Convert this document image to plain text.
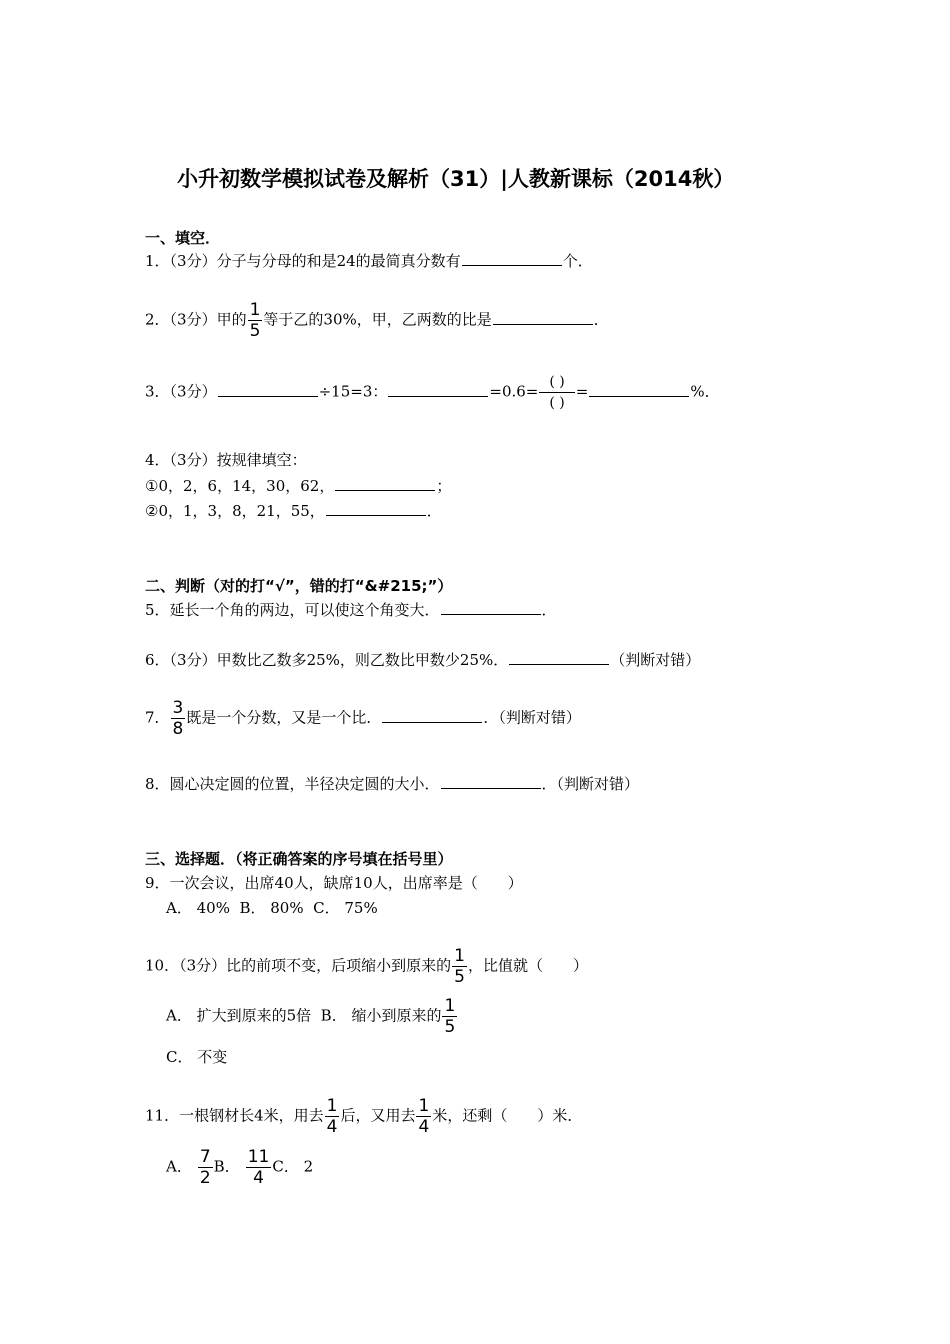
小升初数学模拟试卷及解析（31）|人教新课标（2014秋）
一、填空．
1．（3分）分子与分母的和是24的最简真分数有	个．
2．（3分）甲的 $\frac{1}{5}$ 等于乙的30%，甲，乙两数的比是	．
3．（3分）	÷15=3：	$=0.6= \frac{( )}{( )}$ =	%．
4．（3分）按规律填空：
①0，2，6，14，30，62，	；
②0，1，3，8，21，55，	．
二、判断（对的打“√”，错的打“&#215;”）
5．延长一个角的两边，可以使这个角变大．	．
6．（3分）甲数比乙数多25%，则乙数比甲数少25%．	（判断对错）
7． $\frac{3}{8}$ 既是一个分数，又是一个比．	．（判断对错）
8．圆心决定圆的位置，半径决定圆的大小．	．（判断对错）
三、选择题．（将正确答案的序号填在括号里）
9．一次会议，出席40人，缺席10人，出席率是（　　）
A． 40%  B． 80%  C． 75%
10．（3分）比的前项不变，后项缩小到原来的 $\frac{1}{5}$ ，比值就（　　）
A． 扩大到原来的5倍  B． 缩小到原来的 $\frac{1}{5}$
C． 不变
11．一根钢材长4米，用去 $\frac{1}{4}$ 后，又用去 $\frac{1}{4}$ 米，还剩（　　）米．
A． $\frac{7}{2}$ B． $\frac{11}{4}$ C． 2
